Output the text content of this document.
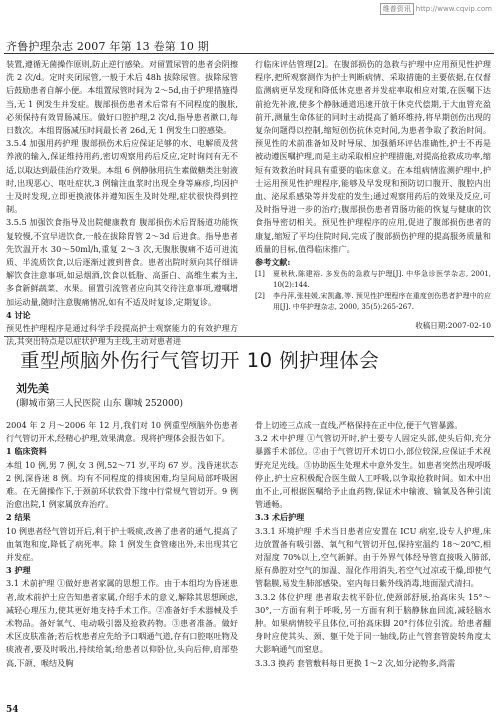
维普资讯 http://www.cqvip.com
齐鲁护理杂志 2007 年第 13 卷第 10 期

装置,遵循无菌操作原则,防止逆行感染。对留置尿管的患者会阴擦洗 2 次/d。定时夹闭尿管,一般于术后 48h 拔除尿管。拔除尿管后鼓励患者自解小便。本组置尿管时间为 2～5d,由于护理措施得当,无 1 例发生并发症。腹部损伤患者术后常有不同程度的腹胀,必须保持有效胃肠减压。做好口腔护理,2 次/d,指导患者漱口,每日数次。本组胃肠减压时间最长者 26d,无 1 例发生口腔感染。

3.5.4 加强用药护理 腹部损伤术后应保证足够的水、电解质及营养液的输入,保证维持用药,密切观察用药后反应,定时询问有无不适,以取达到最佳治疗效果。本组 6 例静脉用抗生素做糖类注射液时,出现恶心、呕吐症状,3 例输注血浆时出现全身等麻疹,均因护士及时发现,立即更换液体并遵知医生及时处理,症状很快得到控制。

3.5.5 加强饮食指导及出院健康教育 腹部损伤术后胃肠道功能恢复较慢,不宜早进饮食,一般在拔除胃管 2～3d 后进食。指导患者先饮温开水 30～50ml/h,重复 2～3 次,无腹胀腹痛不适可进流质、半流质饮食,以后逐渐过渡到普食。患者出院时须向其仔细讲解饮食注意事项,如忌烟酒,饮食以低脂、高蛋白、高维生素为主,多食新鲜蔬菜、水果。留置引流管者应向其交待注意事项,遵嘱增加运动量,随时注意腹痛情况,如有不适及时复诊,定期复诊。

4 讨论

预见性护理程序是通过科学手段提高护士观察能力的有效护理方法,其突出特点是以症状护理为主线,主动对患者进

行临床评估管理[2]。在腹部损伤的急救与护理中应用预见性护理程序,把所观察测作为护士判断病情、采取措施的主要依据,在仅督监测病更早发现和降低休克患者并发症率取相应对策,在医嘱下达前抢先补液,使多个静脉通道迅速开放于休克代偿期,于大血管充盈前开,测量生命体征的同时主动提高了循环维持,将早期创伤出现的复杂问题得以控制,缩短创伤抗休克时间,为患者争取了救治时间。预见性的术前准备如及时导尿、加强循环评估准确性,护士不再是被动遵医嘱护理,而是主动采取相应护理措施,对提高抢救成功率,缩短有效救治时间具有重要的临床意义。在本组病情监测护理中,护士运用预见性护理程序,能够及早发现和预防切口腹开、腹腔内出血、泌尿系感染等并发症的发生;通过观察用药后的效果及反应,可及时指导进一步的治疗;腹部损伤患者胃肠功能的恢复与健康的饮食指导密切相关。预见性护理程序的应用,促进了腹部损伤患者的康复,缩短了平均住院时间,完成了腹部损伤护理的提高服务质量和质量的目标,值得临床推广。

参考文献:

[1]	夏秋秋,陈建裕. 多发伤的急救与护理[J]. 中华急诊医学杂志, 2001, 10(2):144.
[2]	李丹萍,张桂媛,宋凯鑫,等. 预见性护理程序在重度创伤患者护理中的应用[J]. 中华护理杂志, 2000, 35(5):265-267.
收稿日期:2007-02-10
重型颅脑外伤行气管切开 10 例护理体会
刘先美
(聊城市第三人民医院 山东 聊城 252000)

2004 年 2 月～2006 年 12 月,我们对 10 例重型颅脑外伤患者行气管切开术,经精心护理,效果满意。现将护理体会报告如下。

1 临床资料

本组 10 例,男 7 例,女 3 例,52～71 岁,平均 67 岁。浅昏迷状态 2 例,深昏迷 8 例。均有不同程度的排痰困难,均呈间局部呼吸困难。在无菌操作下,于颈前环状软骨下缘中行常规气管切开。9 例治愈出院,1 例家属放弃治疗。

2 结果

10 例患者经气管切开后,利于护士吸痰,改善了患者的通气,提高了血氧饱和度,降低了病死率。除 1 例发生食管瘘出外,未出现其它并发症。

3 护理

3.1 术前护理 ①做好患者家属的思想工作。由于本组均为昏迷患者,故术前护士应告知患者家属,介绍手术的意义,解除其思想顾虑,减轻心理压力,使其更好地支持手术工作。②准备好手术器械及手术物品。备好氧气、电动吸引器及抢救药物。③患者准备。做好术区皮肤准备;若后枕患者应先给予口咽通气道,存有口腔呕吐物及痰液者,要及时吸出,持续给氧;给患者以仰卧位,头向后伸,肩部垫高,下颌、喉结及胸

骨上切迹三点成一直线,严格保持在正中位,便于气管暴露。

3.2 术中护理 ①气管切开时,护士要专人固定头部,使头后仰,充分暴露手术部位。②由于气管切开术切口小,部位较深,应保证手术视野充足光线。③协助医生处理术中意外发生。如患者突然出现呼吸停止,护士应积极配合医生做人工呼吸,以争取抢救时间。如术中出血不止,可根据医嘱给予止血药物,保证术中输液、输氧及各种引流管通畅。

3.3 术后护理

3.3.1 环境护理 手术当日患者应安置在 ICU 病室,设专人护理,床边放置备有吸引器、氧气和气管切开包,保持室温约 18～20℃,相对湿度 70%以上,空气新鲜。由于外界气体经导管直接吸入肺部,原有鼻腔对空气的加温、湿化作用消失,若空气过凉或干燥,即使气管黏膜,易发生肺部感染。室内每日紫外线消毒,地面湿式清扫。

3.3.2 体位护理 患者取去枕平卧位,使颈部舒展,抬高床头 15°～30°,一方面有利于呼吸,另一方面有利于脑静脉血回流,减轻脑水肿。如果病情较平且体位,可抬高床脚 20°行体位引流。给患者翻身时应使其头、颈、躯干处于同一轴线,防止气管套管旋转角度太大影响通气而窒息。

3.3.3 换药 套管敷料每日更换 1～2 次,如分泌物多,尚需

54
